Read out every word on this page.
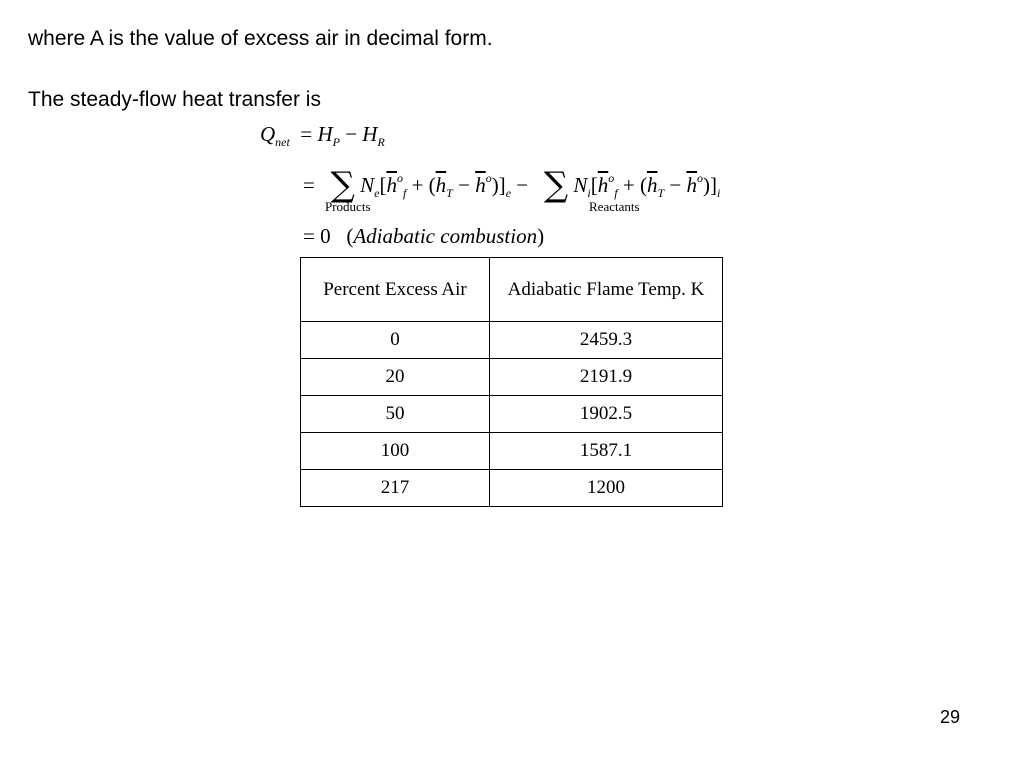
where A is the value of excess air in decimal form.
The steady-flow heat transfer is
$Q_{net} = H_P - H_R$
= ∑ $N_e[\overline{h}^o_f + (\overline{h}_T - \overline{h}^o)]_e$ − ∑ $N_i[\overline{h}^o_f + (\overline{h}_T - \overline{h}^o)]_i$
Products	Reactants
= 0 (Adiabatic combustion)
Percent Excess Air	Adiabatic Flame Temp. K
0	2459.3
20	2191.9
50	1902.5
100	1587.1
217	1200
29
